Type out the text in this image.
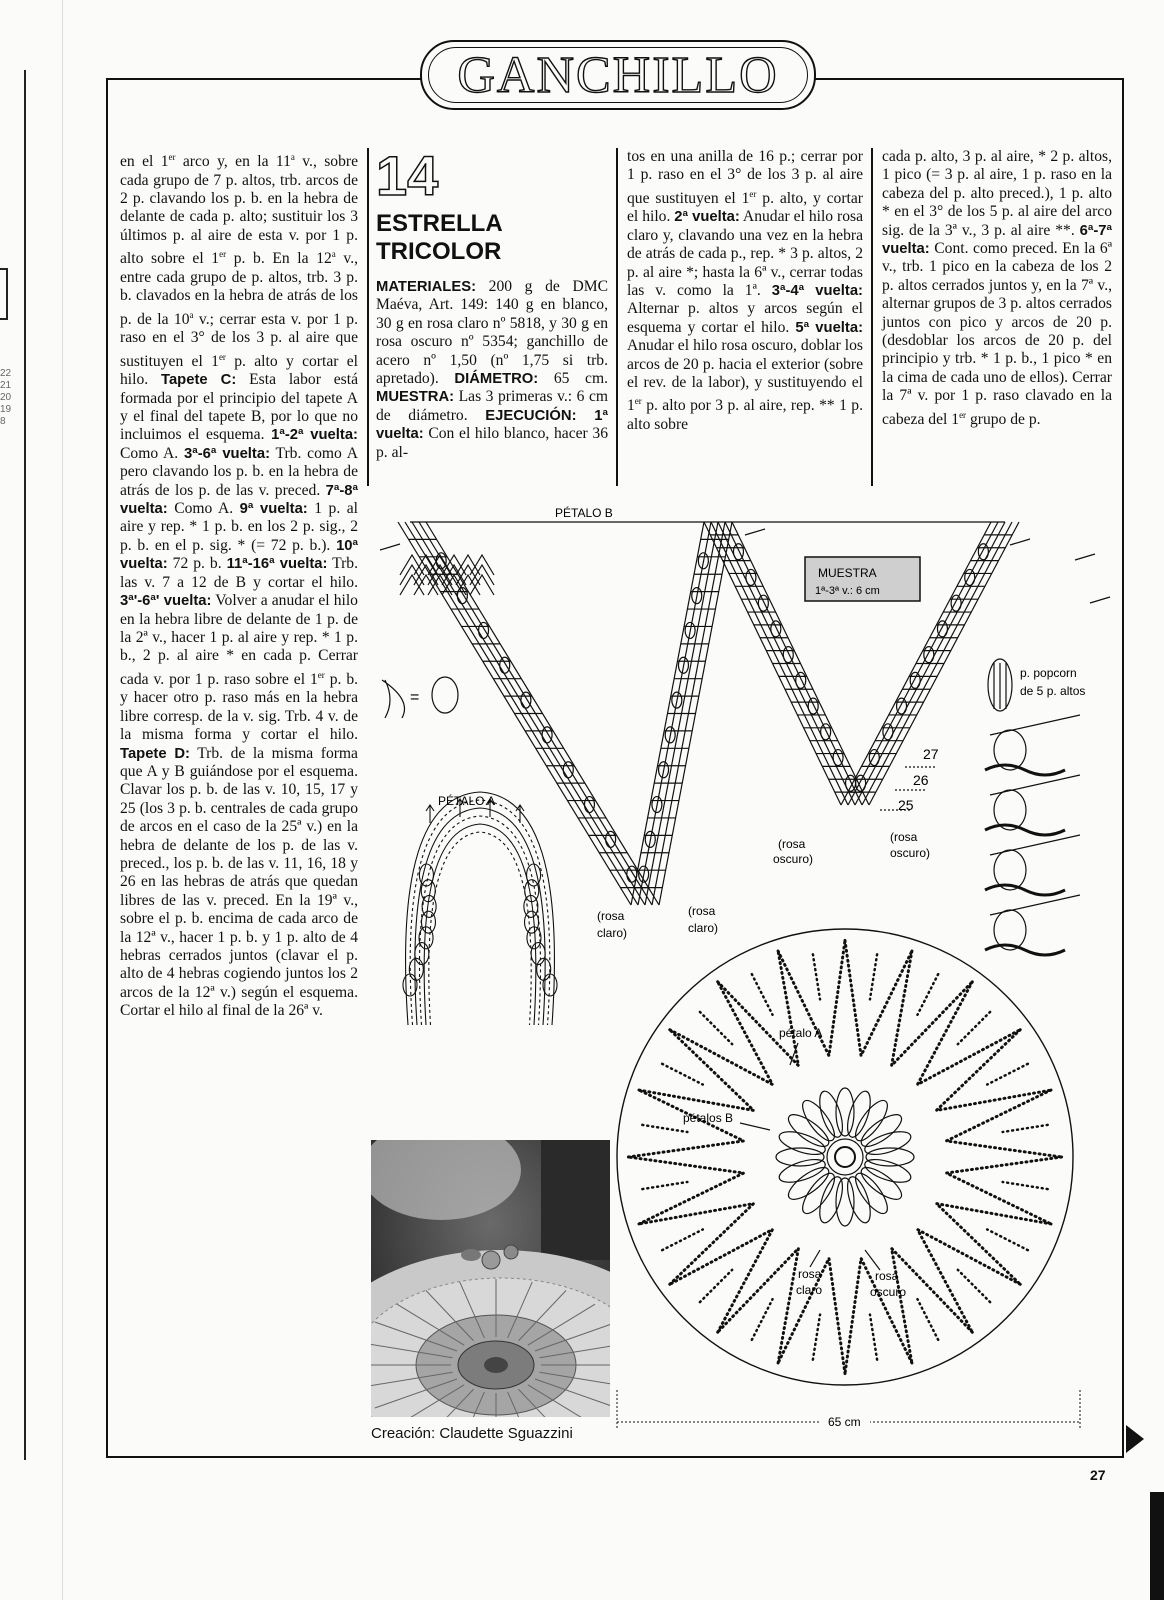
22
21
20
19
8
GANCHILLO
en el 1er arco y, en la 11$^a$ v., sobre cada grupo de 7 p. altos, trb. arcos de 2 p. clavando los p. b. en la hebra de delante de cada p. alto; sustituir los 3 últimos p. al aire de esta v. por 1 p. alto sobre el 1er p. b. En la 12$^a$ v., entre cada grupo de p. altos, trb. 3 p. b. clavados en la hebra de atrás de los p. de la 10$^a$ v.; cerrar esta v. por 1 p. raso en el 3° de los 3 p. al aire que sustituyen el 1er p. alto y cortar el hilo. Tapete C: Esta labor está formada por el principio del tapete A y el final del tapete B, por lo que no incluimos el esquema. 1ª-2ª vuelta: Como A. 3ª-6ª vuelta: Trb. como A pero clavando los p. b. en la hebra de atrás de los p. de las v. preced. 7ª-8ª vuelta: Como A. 9ª vuelta: 1 p. al aire y rep. * 1 p. b. en los 2 p. sig., 2 p. b. en el p. sig. * (= 72 p. b.). 10ª vuelta: 72 p. b. 11ª-16ª vuelta: Trb. las v. 7 a 12 de B y cortar el hilo. 3ª'-6ª' vuelta: Volver a anudar el hilo en la hebra libre de delante de 1 p. de la 2ª v., hacer 1 p. al aire y rep. * 1 p. b., 2 p. al aire * en cada p. Cerrar cada v. por 1 p. raso sobre el 1er p. b. y hacer otro p. raso más en la hebra libre corresp. de la v. sig. Trb. 4 v. de la misma forma y cortar el hilo. Tapete D: Trb. de la misma forma que A y B guiándose por el esquema. Clavar los p. b. de las v. 10, 15, 17 y 25 (los 3 p. b. centrales de cada grupo de arcos en el caso de la 25ª v.) en la hebra de delante de los p. de las v. preced., los p. b. de las v. 11, 16, 18 y 26 en las hebras de atrás que quedan libres de las v. preced. En la 19ª v., sobre el p. b. encima de cada arco de la 12ª v., hacer 1 p. b. y 1 p. alto de 4 hebras cerrados juntos (clavar el p. alto de 4 hebras cogiendo juntos los 2 arcos de la 12ª v.) según el esquema. Cortar el hilo al final de la 26ª v.
14
ESTRELLA
TRICOLOR
MATERIALES: 200 g de DMC Maéva, Art. 149: 140 g en blanco, 30 g en rosa claro nº 5818, y 30 g en rosa oscuro nº 5354; ganchillo de acero nº 1,50 (nº 1,75 si trb. apretado). DIÁMETRO: 65 cm. MUESTRA: Las 3 primeras v.: 6 cm de diámetro. EJECUCIÓN: 1ª vuelta: Con el hilo blanco, hacer 36 p. al-
tos en una anilla de 16 p.; cerrar por 1 p. raso en el 3° de los 3 p. al aire que sustituyen el 1er p. alto, y cortar el hilo. 2ª vuelta: Anudar el hilo rosa claro y, clavando una vez en la hebra de atrás de cada p., rep. * 3 p. altos, 2 p. al aire *; hasta la 6ª v., cerrar todas las v. como la 1ª. 3ª-4ª vuelta: Alternar p. altos y arcos según el esquema y cortar el hilo. 5ª vuelta: Anudar el hilo rosa oscuro, doblar los arcos de 20 p. hacia el exterior (sobre el rev. de la labor), y sustituyendo el 1er p. alto por 3 p. al aire, rep. ** 1 p. alto sobre
cada p. alto, 3 p. al aire, * 2 p. altos, 1 pico (= 3 p. al aire, 1 p. raso en la cabeza del p. alto preced.), 1 p. alto * en el 3° de los 5 p. al aire del arco sig. de la 3ª v., 3 p. al aire **. 6ª-7ª vuelta: Cont. como preced. En la 6ª v., trb. 1 pico en la cabeza de los 2 p. altos cerrados juntos y, en la 7ª v., alternar grupos de 3 p. altos cerrados juntos con pico y arcos de 20 p. (desdoblar los arcos de 20 p. del principio y trb. * 1 p. b., 1 pico * en la cima de cada uno de ellos). Cerrar la 7ª v. por 1 p. raso clavado en la cabeza del 1er grupo de p.
PÉTALO B
PÉTALO A
MUESTRA
1ª-3ª v.: 6 cm
p. popcorn
de 5 p. altos
=
27
26
25
(rosa
oscuro)
(rosa
oscuro)
(rosa
claro)
(rosa
claro)
pétalo A
pétalos B
rosa
claro
rosa
oscuro
65 cm
Creación: Claudette Sguazzini
27
